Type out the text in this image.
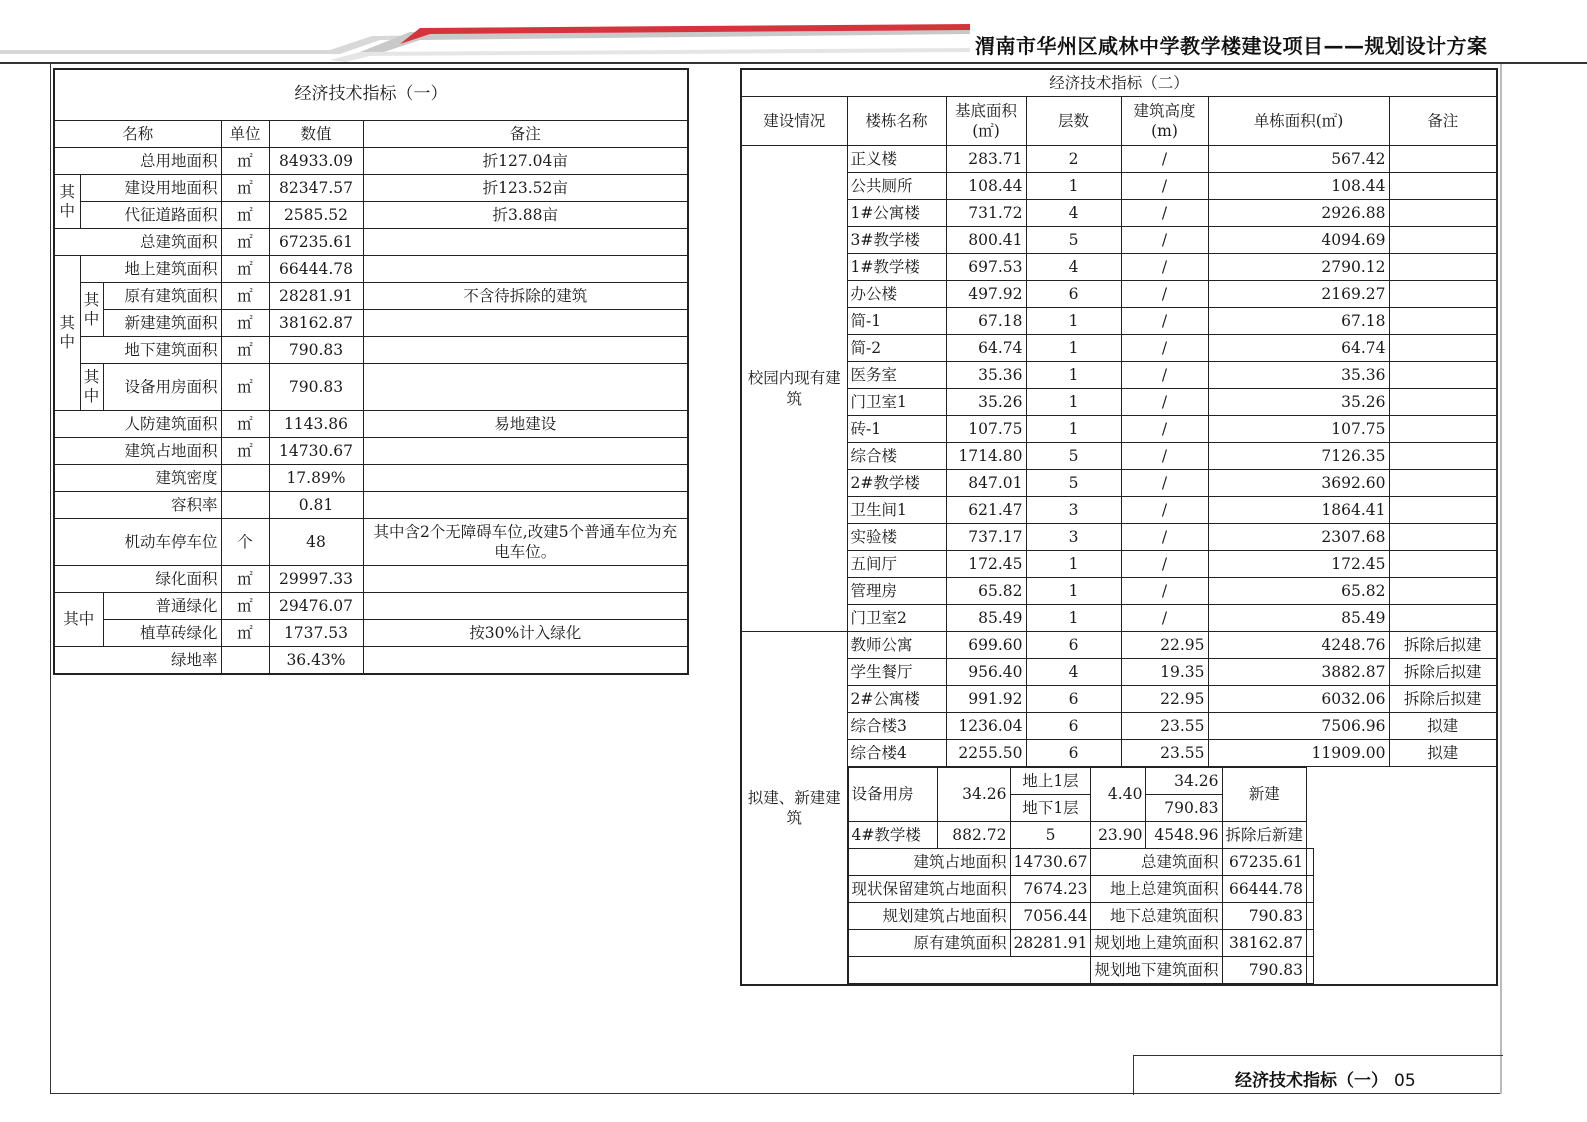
渭南市华州区咸林中学教学楼建设项目——规划设计方案
经济技术指标（一）					
名称			单位	数值	备注
总用地面积			㎡	84933.09	折127.04亩
其中	建设用地面积		㎡	82347.57	折123.52亩
	代征道路面积		㎡	2585.52	折3.88亩
总建筑面积			㎡	67235.61	
其中	地上建筑面积		㎡	66444.78	
	其中	原有建筑面积	㎡	28281.91	不含待拆除的建筑
		新建建筑面积	㎡	38162.87	
	地下建筑面积		㎡	790.83	
	其中	设备用房面积	㎡	790.83	
人防建筑面积			㎡	1143.86	易地建设
建筑占地面积			㎡	14730.67	
建筑密度				17.89%	
容积率				0.81	
机动车停车位			个	48	其中含2个无障碍车位,改建5个普通车位为充电车位。
绿化面积			㎡	29997.33	
其中		普通绿化	㎡	29476.07	
		植草砖绿化	㎡	1737.53	按30%计入绿化
绿地率				36.43%	
经济技术指标（二）						
建设情况	楼栋名称	基底面积(㎡)	层数	建筑高度(m)	单栋面积(㎡)	备注
校园内现有建筑	正义楼	283.71	2	/	567.42	
	公共厕所	108.44	1	/	108.44	
	1#公寓楼	731.72	4	/	2926.88	
	3#教学楼	800.41	5	/	4094.69	
	1#教学楼	697.53	4	/	2790.12	
	办公楼	497.92	6	/	2169.27	
	简-1	67.18	1	/	67.18	
	简-2	64.74	1	/	64.74	
	医务室	35.36	1	/	35.36	
	门卫室1	35.26	1	/	35.26	
	砖-1	107.75	1	/	107.75	
	综合楼	1714.80	5	/	7126.35	
	2#教学楼	847.01	5	/	3692.60	
	卫生间1	621.47	3	/	1864.41	
	实验楼	737.17	3	/	2307.68	
	五间厅	172.45	1	/	172.45	
	管理房	65.82	1	/	65.82	
	门卫室2	85.49	1	/	85.49	
拟建、新建建筑	教师公寓	699.60	6	22.95	4248.76	拆除后拟建
	学生餐厅	956.40	4	19.35	3882.87	拆除后拟建
	2#公寓楼	991.92	6	22.95	6032.06	拆除后拟建
	综合楼3	1236.04	6	23.55	7506.96	拟建
	综合楼4	2255.50	6	23.55	11909.00	拟建
	设备用房	34.26		地上1层		4.40		34.26		新建	
		地下1层			790.83		
	4#教学楼	882.72		5		23.90		4548.96		拆除后新建	
	建筑占地面积		14730.67		总建筑面积			67235.61		
	现状保留建筑占地面积		7674.23		地上总建筑面积			66444.78		
	规划建筑占地面积		7056.44		地下总建筑面积			790.83		
	原有建筑面积		28281.91		规划地上建筑面积			38162.87		
				规划地下建筑面积			790.83		
经济技术指标（一） 05
